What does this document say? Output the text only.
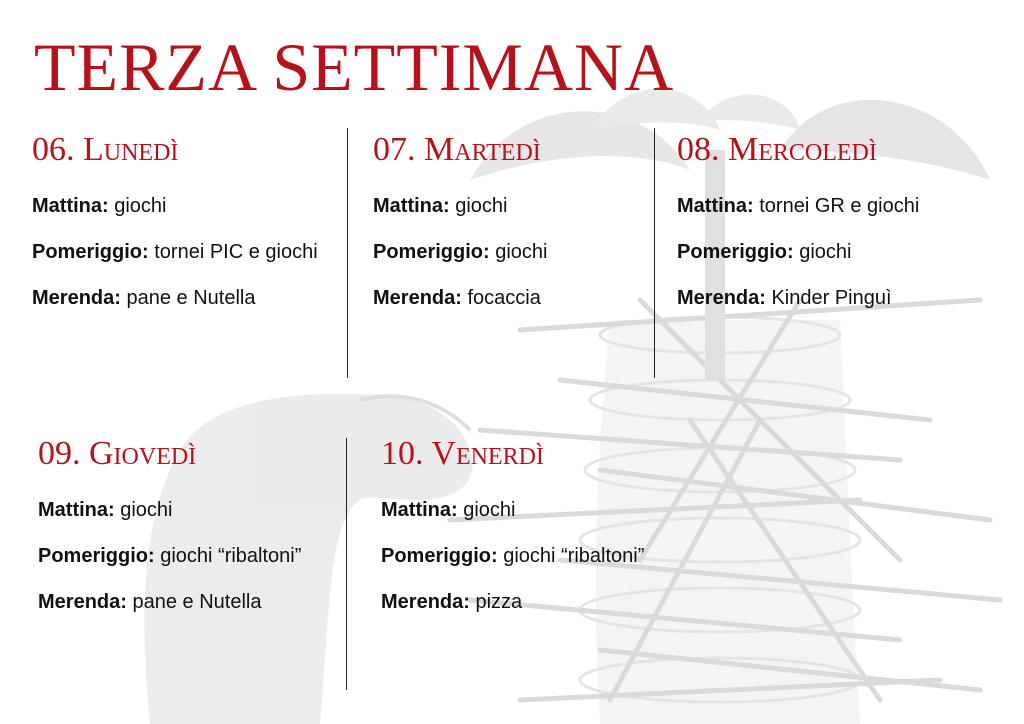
TERZA SETTIMANA
06. Lunedì

Mattina: giochi

Pomeriggio: tornei PIC e giochi

Merenda: pane e Nutella

07. Martedì

Mattina: giochi

Pomeriggio: giochi

Merenda: focaccia

08. Mercoledì

Mattina: tornei GR e giochi

Pomeriggio: giochi

Merenda: Kinder Pinguì

09. Giovedì

Mattina: giochi

Pomeriggio: giochi “ribaltoni”

Merenda: pane e Nutella

10. Venerdì

Mattina: giochi

Pomeriggio: giochi “ribaltoni”

Merenda: pizza
